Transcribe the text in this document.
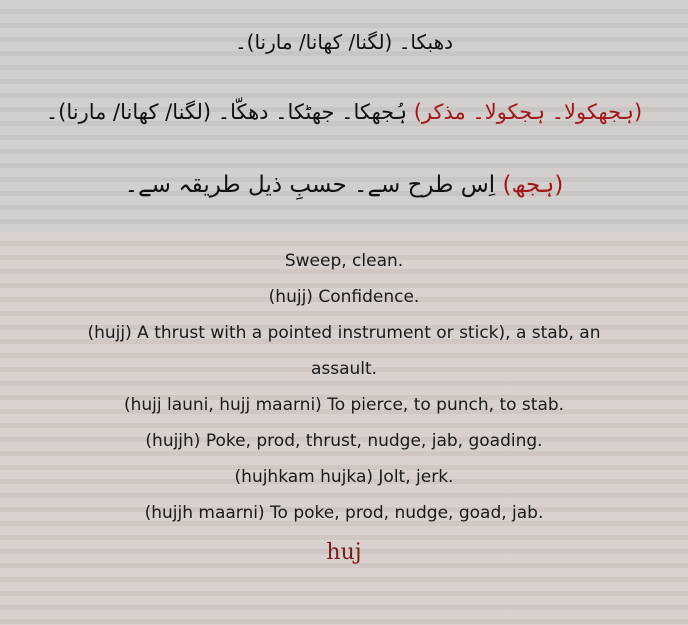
دھبکا۔ (لگنا/ کھانا/ مارنا)۔
(ہجھکولا۔ ہجکولا۔ مذکر) ہُجھکا۔ جھٹکا۔ دھکّا۔ (لگنا/ کھانا/ مارنا)۔
(ہجھ) اِس طرح سے۔ حسبِ ذیل طریقہ سے۔
Sweep, clean.
(hujj) Confidence.
(hujj) A thrust with a pointed instrument or stick), a stab, an
assault.
(hujj launi, hujj maarni) To pierce, to punch, to stab.
(hujjh) Poke, prod, thrust, nudge, jab, goading.
(hujhkam hujka) Jolt, jerk.
(hujjh maarni) To poke, prod, nudge, goad, jab.
huj
